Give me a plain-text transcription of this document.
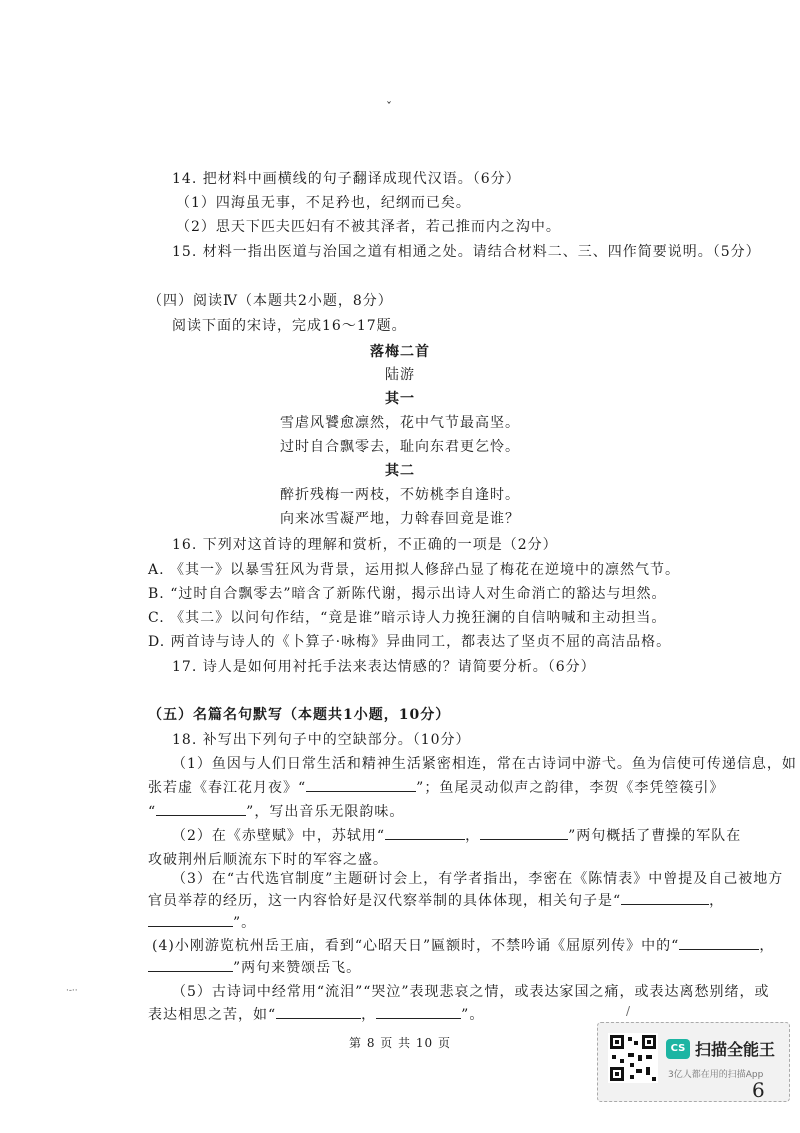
ˇ
14. 把材料中画横线的句子翻译成现代汉语。（6分）
（1）四海虽无事，不足矜也，纪纲而已矣。
（2）思天下匹夫匹妇有不被其泽者，若己推而内之沟中。
15. 材料一指出医道与治国之道有相通之处。请结合材料二、三、四作简要说明。（5分）
（四）阅读Ⅳ（本题共2小题，8分）
阅读下面的宋诗，完成16～17题。
落梅二首
陆游
其一
雪虐风饕愈凛然，花中气节最高坚。
过时自合飘零去，耻向东君更乞怜。
其二
醉折残梅一两枝，不妨桃李自逢时。
向来冰雪凝严地，力斡春回竟是谁？
16. 下列对这首诗的理解和赏析，不正确的一项是（2分）
A. 《其一》以暴雪狂风为背景，运用拟人修辞凸显了梅花在逆境中的凛然气节。
B. “过时自合飘零去”暗含了新陈代谢，揭示出诗人对生命消亡的豁达与坦然。
C. 《其二》以问句作结，“竟是谁”暗示诗人力挽狂澜的自信呐喊和主动担当。
D. 两首诗与诗人的《卜算子·咏梅》异曲同工，都表达了坚贞不屈的高洁品格。
17. 诗人是如何用衬托手法来表达情感的？请简要分析。（6分）
（五）名篇名句默写（本题共1小题，10分）
18. 补写出下列句子中的空缺部分。（10分）
（1）鱼因与人们日常生活和精神生活紧密相连，常在古诗词中游弋。鱼为信使可传递信息，如
张若虚《春江花月夜》“	”；鱼尾灵动似声之韵律，李贺《李凭箜篌引》
“	”，写出音乐无限韵味。
（2）在《赤壁赋》中，苏轼用“	，	”两句概括了曹操的军队在
攻破荆州后顺流东下时的军容之盛。
（3）在“古代选官制度”主题研讨会上，有学者指出，李密在《陈情表》中曾提及自己被地方
官员举荐的经历，这一内容恰好是汉代察举制的具体体现，相关句子是“	，
”。
(4)小刚游览杭州岳王庙，看到“心昭天日”匾额时，不禁吟诵《屈原列传》中的“	，
”两句来赞颂岳飞。
（5）古诗词中经常用“流泪”“哭泣”表现悲哀之情，或表达家国之痛，或表达离愁别绪，或
表达相思之苦，如“	，	”。
第 8 页 共 10 页
·-··
/
CS 扫描全能王
3亿人都在用的扫描App
6
